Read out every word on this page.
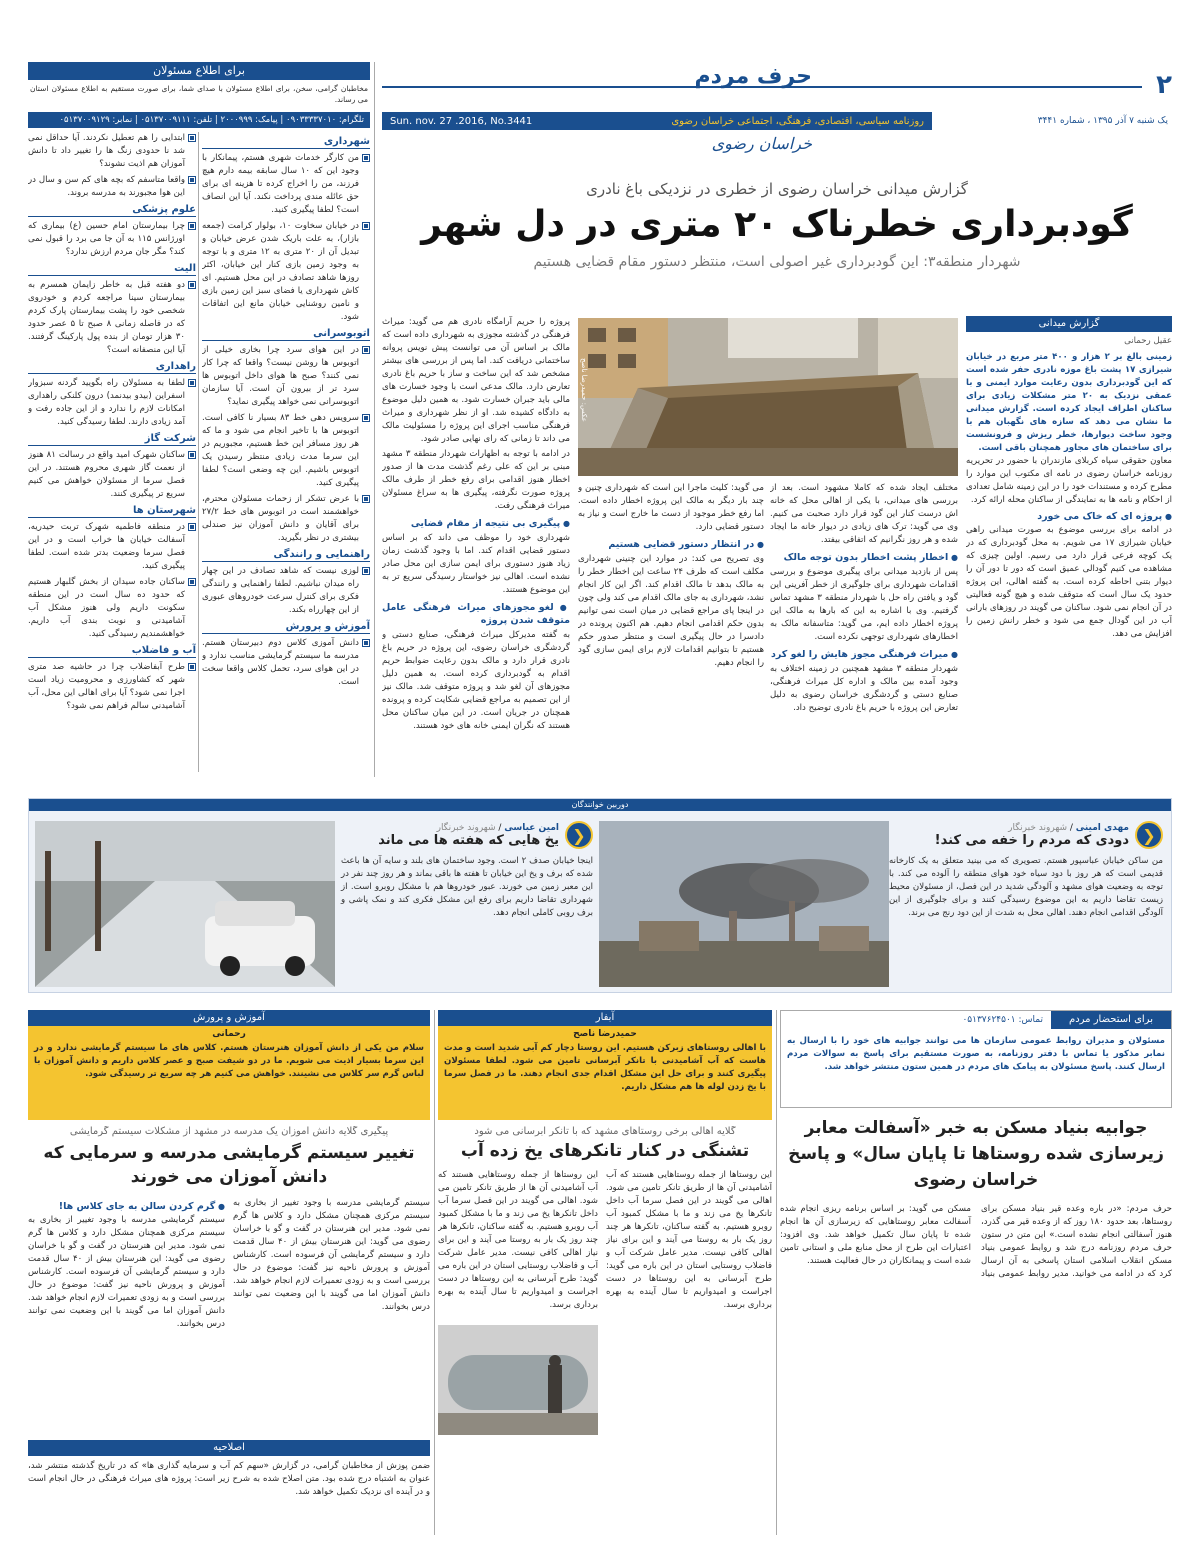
برای اطلاع مسئولان
مخاطبان گرامی، سخن، برای اطلاع مسئولان با صدای شما، برای صورت مستقیم به اطلاع مسئولان استان می رساند.
تلگرام: ۰۹۰۳۳۳۳۷۰۱۰ | پیامک: ۲۰۰۰۹۹۹ | تلفن: ۰۵۱۳۷۰۰۹۱۱۱ | نمابر: ۰۵۱۳۷۰۰۹۱۲۹
۲
حرف مردم
یک شنبه ۷ آذر ۱۳۹۵ ، شماره ۳۴۴۱
روزنامه سیاسی، اقتصادی، فرهنگی، اجتماعی خراسان رضوی
Sun. nov. 27 .2016, No.3441
خراسان رضوی
ابتدایی را هم تعطیل نکردند. آیا حداقل نمی شد نا حدودی زنگ ها را تغییر داد تا دانش آموزان هم اذیت نشوند؟
واقعا متاسفم که بچه های کم سن و سال در این هوا مجبورند به مدرسه بروند.
علوم پزشکی
چرا بیمارستان امام حسین (ع) بیماری که اورژانس ۱۱۵ به آن جا می برد را قبول نمی کند؟ مگر جان مردم ارزش ندارد؟
الیت
دو هفته قبل به خاطر زایمان همسرم به بیمارستان سینا مراجعه کردم و خودروی شخصی خود را پشت بیمارستان پارک کردم که در فاصله زمانی ۸ صبح تا ۵ عصر حدود ۳۰ هزار تومان از بنده پول پارکینگ گرفتند. آیا این منصفانه است؟
راهداری
لطفا به مسئولان راه بگویید گردنه سبزوار اسفراین (بیدو بیدنمد) درون کلنکی راهداری امکانات لازم را ندارد و از این جاده رفت و آمد زیادی دارند. لطفا رسیدگی کنید.
شرکت گاز
ساکنان شهرک امید واقع در رسالت ۸۱ هنوز از نعمت گاز شهری محروم هستند. در این فصل سرما از مسئولان خواهش می کنیم سریع تر پیگیری کنند.
شهرستان ها
در منطقه فاطمیه شهرک تربت حیدریه، آسفالت خیابان ها خراب است و در این فصل سرما وضعیت بدتر شده است. لطفا پیگیری کنید.
ساکنان جاده سیدان از بخش گلبهار هستیم که حدود ده سال است در این منطقه سکونت داریم ولی هنوز مشکل آب آشامیدنی و نوبت بندی آب داریم. خواهشمندیم رسیدگی کنید.
آب و فاضلاب
طرح آبفاضلاب چرا در حاشیه صد متری شهر که کشاورزی و محرومیت زیاد است اجرا نمی شود؟ آیا برای اهالی این محل، آب آشامیدنی سالم فراهم نمی شود؟
شهرداری
من کارگر خدمات شهری هستم، پیمانکار با وجود این که ۱۰ سال سابقه بیمه دارم هیچ فرزند، من را اخراج کرده تا هزینه ای برای حق عائله مندی پرداخت نکند. آیا این انصاف است؟ لطفا پیگیری کنید.
در خیابان سخاوت ۱۰، بولوار کرامت (جمعه بازار)، به علت باریک شدن عرض خیابان و تبدیل آن از ۲۰ متری به ۱۲ متری و با توجه به وجود زمین بازی کنار این خیابان، اکثر روزها شاهد تصادف در این محل هستیم. ای کاش شهرداری یا فضای سبز این زمین بازی و نامین روشنایی خیابان مانع این اتفاقات شود.
اتوبوسرانی
در این هوای سرد چرا بخاری خیلی از اتوبوس ها روشن نیست؟ واقعا که چرا کار نمی کنند؟ صبح ها هوای داخل اتوبوس ها سرد تر از بیرون آن است. آیا سازمان اتوبوسرانی نمی خواهد پیگیری نماید؟
سرویس دهی خط ۸۳ بسیار نا کافی است. اتوبوس ها با تاخیر انجام می شود و ما که هر روز مسافر این خط هستیم، مجبوریم در این سرما مدت زیادی منتظر رسیدن یک اتوبوس باشیم. این چه وضعی است؟ لطفا پیگیری کنید.
با عرض تشکر از زحمات مسئولان محترم، خواهشمند است در اتوبوس های خط ۲۷/۲ برای آقایان و دانش آموزان نیز صندلی بیشتری در نظر بگیرید.
راهنمایی و رانندگی
لوزی نیست که شاهد تصادف در این چهار راه میدان نباشیم. لطفا راهنمایی و رانندگی فکری برای کنترل سرعت خودروهای عبوری از این چهارراه بکند.
آموزش و پرورش
دانش آموزی کلاس دوم دبیرستان هستم. مدرسه ما سیستم گرمایشی مناسب ندارد و در این هوای سرد، تحمل کلاس واقعا سخت است.
گزارش میدانی خراسان رضوی از خطری در نزدیکی باغ نادری
گودبرداری خطرناک ۲۰ متری در دل شهر
شهردار منطقه۳: این گودبرداری غیر اصولی است، منتظر دستور مقام قضایی هستیم
گزارش میدانی
عقیل رحمانی
زمینی بالغ بر ۲ هزار و ۴۰۰ متر مربع در خیابان شیرازی ۱۷ پشت باغ موزه نادری حفر شده است که این گودبرداری بدون رعایت موارد ایمنی و با عمقی نزدیک به ۲۰ متر مشکلات زیادی برای ساکنان اطراف ایجاد کرده است. گزارش میدانی ما نشان می دهد که سازه های نگهبان هم با وجود ساخت دیوارها، خطر ریزش و فرونشست برای ساختمان های مجاور همچنان باقی است.

معاون حقوقی سپاه کربلای مازندران با حضور در تحریریه روزنامه خراسان رضوی در نامه ای مکتوب این موارد را مطرح کرده و مستندات خود را در این زمینه شامل تعدادی از احکام و نامه ها به نمایندگی از ساکنان محله ارائه کرد.

● پروژه ای که خاک می خورد

در ادامه برای بررسی موضوع به صورت میدانی راهی خیابان شیرازی ۱۷ می شویم. به محل گودبرداری که در یک کوچه فرعی قرار دارد می رسیم. اولین چیزی که مشاهده می کنیم گودالی عمیق است که دور تا دور آن را دیوار بتنی احاطه کرده است. به گفته اهالی، این پروژه حدود یک سال است که متوقف شده و هیچ گونه فعالیتی در آن انجام نمی شود. ساکنان می گویند در روزهای بارانی آب در این گودال جمع می شود و خطر رانش زمین را افزایش می دهد.

عکس: حمیدرضا ناصح

مختلف ایجاد شده که کاملا مشهود است. بعد از بررسی های میدانی، با یکی از اهالی محل که خانه اش درست کنار این گود قرار دارد صحبت می کنیم. وی می گوید: ترک های زیادی در دیوار خانه ما ایجاد شده و هر روز نگرانیم که اتفاقی بیفتد.

● اخطار پشت اخطار بدون توجه مالک

پس از بازدید میدانی برای پیگیری موضوع و بررسی اقدامات شهرداری برای جلوگیری از خطر آفرینی این گود و یافتن راه حل با شهردار منطقه ۳ مشهد تماس گرفتیم. وی با اشاره به این که بارها به مالک این پروژه اخطار داده ایم، می گوید: متاسفانه مالک به اخطارهای شهرداری توجهی نکرده است.

● میراث فرهنگی مجوز هایش را لغو کرد

شهردار منطقه ۳ مشهد همچنین در زمینه اختلاف به وجود آمده بین مالک و اداره کل میراث فرهنگی، صنایع دستی و گردشگری خراسان رضوی به دلیل تعارض این پروژه با حریم باغ نادری توضیح داد.

می گوید: کلیت ماجرا این است که شهرداری چنین و چند بار دیگر به مالک این پروژه اخطار داده است. اما رفع خطر موجود از دست ما خارج است و نیاز به دستور قضایی دارد.

● در انتظار دستور قضایی هستیم

وی تصریح می کند: در موارد این چنینی شهرداری مکلف است که ظرف ۲۴ ساعت این اخطار خطر را به مالک بدهد تا مالک اقدام کند. اگر این کار انجام نشد، شهرداری به جای مالک اقدام می کند ولی چون در اینجا پای مراجع قضایی در میان است نمی توانیم بدون حکم اقدامی انجام دهیم. هم اکنون پرونده در دادسرا در حال پیگیری است و منتظر صدور حکم هستیم تا بتوانیم اقدامات لازم برای ایمن سازی گود را انجام دهیم.

پروژه را حریم آرامگاه نادری هم می گوید: میراث فرهنگی در گذشته مجوزی به شهرداری داده است که مالک بر اساس آن می توانست پیش نویس پروانه ساختمانی دریافت کند. اما پس از بررسی های بیشتر مشخص شد که این ساخت و ساز با حریم باغ نادری تعارض دارد. مالک مدعی است با وجود خسارت های مالی باید جبران خسارت شود. به همین دلیل موضوع به دادگاه کشیده شد. او از نظر شهرداری و میراث فرهنگی مناسب اجرای این پروژه را مسئولیت مالک می داند تا زمانی که رای نهایی صادر شود.

در ادامه با توجه به اظهارات شهردار منطقه ۳ مشهد مبنی بر این که علی رغم گذشت مدت ها از صدور اخطار هنوز اقدامی برای رفع خطر از طرف مالک پروژه صورت نگرفته، پیگیری ها به سراغ مسئولان میراث فرهنگی رفت.

● پیگیری بی نتیجه از مقام قضایی

شهرداری خود را موظف می داند که بر اساس دستور قضایی اقدام کند. اما با وجود گذشت زمان زیاد هنوز دستوری برای ایمن سازی این محل صادر نشده است. اهالی نیز خواستار رسیدگی سریع تر به این موضوع هستند.

● لغو مجوزهای میراث فرهنگی عامل متوقف شدن پروژه

به گفته مدیرکل میراث فرهنگی، صنایع دستی و گردشگری خراسان رضوی، این پروژه در حریم باغ نادری قرار دارد و مالک بدون رعایت ضوابط حریم اقدام به گودبرداری کرده است. به همین دلیل مجوزهای آن لغو شد و پروژه متوقف شد. مالک نیز از این تصمیم به مراجع قضایی شکایت کرده و پرونده همچنان در جریان است. در این میان ساکنان محل هستند که نگران ایمنی خانه های خود هستند.

دوربین خوانندگان
❮
مهدی امینی / شهروند خبرنگار
دودی که مردم را خفه می کند!
من ساکن خیابان عباسپور هستم. تصویری که می بینید متعلق به یک کارخانه قدیمی است که هر روز با دود سیاه خود هوای منطقه را آلوده می کند. با توجه به وضعیت هوای مشهد و آلودگی شدید در این فصل، از مسئولان محیط زیست تقاضا داریم به این موضوع رسیدگی کنند و برای جلوگیری از این آلودگی اقدامی انجام دهند. اهالی محل به شدت از این دود رنج می برند.
❮
امین عباسی / شهروند خبرنگار
یخ هایی که هفته ها می ماند
اینجا خیابان صدف ۲ است. وجود ساختمان های بلند و سایه آن ها باعث شده که برف و یخ این خیابان تا هفته ها باقی بماند و هر روز چند نفر در این معبر زمین می خورند. عبور خودروها هم با مشکل روبرو است. از شهرداری تقاضا داریم برای رفع این مشکل فکری کند و نمک پاشی و برف روبی کاملی انجام دهد.
برای استحضار مردم
تماس: ۰۵۱۳۷۶۲۴۵۰۱
مسئولان و مدیران روابط عمومی سازمان ها می توانند جوابیه های خود را با ارسال به نمابر مذکور یا تماس با دفتر روزنامه، به صورت مستقیم برای پاسخ به سوالات مردم ارسال کنند. پاسخ مسئولان به پیامک های مردم در همین ستون منتشر خواهد شد.
آبفار
حمیدرضا ناصح
با اهالی روستاهای زبرکن هستیم. این روستا دچار کم آبی شدید است و مدت هاست که آب آشامیدنی با تانکر آبرسانی تامین می شود. لطفا مسئولان پیگیری کنند و برای حل این مشکل اقدام جدی انجام دهند. ما در فصل سرما با یخ زدن لوله ها هم مشکل داریم.
آموزش و پرورش
رحمانی
سلام من یکی از دانش آموزان هنرستان هستم. کلاس های ما سیستم گرمایشی ندارد و در این سرما بسیار اذیت می شویم. ما در دو شیفت صبح و عصر کلاس داریم و دانش آموزان با لباس گرم سر کلاس می نشینند. خواهش می کنیم هر چه سریع تر رسیدگی شود.
جوابیه بنیاد مسکن به خبر «آسفالت معابر زیرسازی شده روستاها تا پایان سال» و پاسخ خراسان رضوی
حرف مردم: «در باره وعده قیر بنیاد مسکن برای روستاها، بعد حدود ۱۸۰ روز که از وعده قیر می گذرد، هنوز آسفالتی انجام نشده است.» این متن در ستون حرف مردم روزنامه درج شد و روابط عمومی بنیاد مسکن انقلاب اسلامی استان پاسخی به آن ارسال کرد که در ادامه می خوانید. مدیر روابط عمومی بنیاد مسکن می گوید: بر اساس برنامه ریزی انجام شده آسفالت معابر روستاهایی که زیرسازی آن ها انجام شده تا پایان سال تکمیل خواهد شد. وی افزود: اعتبارات این طرح از محل منابع ملی و استانی تامین شده است و پیمانکاران در حال فعالیت هستند.
گلایه اهالی برخی روستاهای مشهد که با تانکر آبرسانی می شود
تشنگی در کنار تانکرهای یخ زده آب
این روستاها از جمله روستاهایی هستند که آب آشامیدنی آن ها از طریق تانکر تامین می شود. اهالی می گویند در این فصل سرما آب داخل تانکرها یخ می زند و ما با مشکل کمبود آب روبرو هستیم. به گفته ساکنان، تانکرها هر چند روز یک بار به روستا می آیند و این برای نیاز اهالی کافی نیست. مدیر عامل شرکت آب و فاضلاب روستایی استان در این باره می گوید: طرح آبرسانی به این روستاها در دست اجراست و امیدواریم تا سال آینده به بهره برداری برسد.
این روستاها از جمله روستاهایی هستند که آب آشامیدنی آن ها از طریق تانکر تامین می شود. اهالی می گویند در این فصل سرما آب داخل تانکرها یخ می زند و ما با مشکل کمبود آب روبرو هستیم. به گفته ساکنان، تانکرها هر چند روز یک بار به روستا می آیند و این برای نیاز اهالی کافی نیست. مدیر عامل شرکت آب و فاضلاب روستایی استان در این باره می گوید: طرح آبرسانی به این روستاها در دست اجراست و امیدواریم تا سال آینده به بهره برداری برسد.
پیگیری گلایه دانش آموزان یک مدرسه در مشهد از مشکلات سیستم گرمایشی
تغییر سیستم گرمایشی مدرسه و سرمایی که دانش آموزان می خورند
سیستم گرمایشی مدرسه با وجود تغییر از بخاری به سیستم مرکزی همچنان مشکل دارد و کلاس ها گرم نمی شود. مدیر این هنرستان در گفت و گو با خراسان رضوی می گوید: این هنرستان بیش از ۴۰ سال قدمت دارد و سیستم گرمایشی آن فرسوده است. کارشناس آموزش و پرورش ناحیه نیز گفت: موضوع در حال بررسی است و به زودی تعمیرات لازم انجام خواهد شد. دانش آموزان اما می گویند با این وضعیت نمی توانند درس بخوانند.
● گرم کردن سالن به جای کلاس ها!
سیستم گرمایشی مدرسه با وجود تغییر از بخاری به سیستم مرکزی همچنان مشکل دارد و کلاس ها گرم نمی شود. مدیر این هنرستان در گفت و گو با خراسان رضوی می گوید: این هنرستان بیش از ۴۰ سال قدمت دارد و سیستم گرمایشی آن فرسوده است. کارشناس آموزش و پرورش ناحیه نیز گفت: موضوع در حال بررسی است و به زودی تعمیرات لازم انجام خواهد شد. دانش آموزان اما می گویند با این وضعیت نمی توانند درس بخوانند.
اصلاحیه
ضمن پوزش از مخاطبان گرامی، در گزارش «سهم کم آب و سرمایه گذاری ها» که در تاریخ گذشته منتشر شد، عنوان به اشتباه درج شده بود. متن اصلاح شده به شرح زیر است: پروژه های میراث فرهنگی در حال انجام است و در آینده ای نزدیک تکمیل خواهد شد.
